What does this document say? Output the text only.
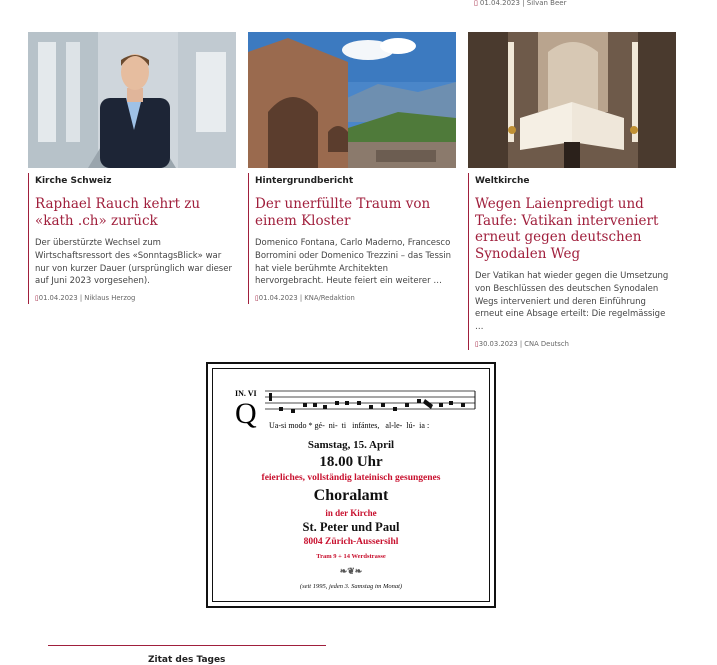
▯ 01.04.2023 | Silvan Beer
Kirche Schweiz
Raphael Rauch kehrt zu «kath .ch» zurück
Der überstürzte Wechsel zum Wirtschaftsressort des «SonntagsBlick» war nur von kurzer Dauer (ursprünglich war dieser auf Juni 2023 vorgesehen).
▯01.04.2023 | Niklaus Herzog
Hintergrundbericht
Der unerfüllte Traum von einem Kloster
Domenico Fontana, Carlo Maderno, Francesco Borromini oder Domenico Trezzini – das Tessin hat viele berühmte Architekten hervorgebracht. Heute feiert ein weiterer …
▯01.04.2023 | KNA/Redaktion
Weltkirche
Wegen Laienpredigt und Taufe: Vatikan interveniert erneut gegen deutschen Synodalen Weg
Der Vatikan hat wieder gegen die Umsetzung von Beschlüssen des deutschen Synodalen Wegs interveniert und deren Einführung erneut eine Absage erteilt: Die regelmässige …
▯30.03.2023 | CNA Deutsch
IN. VI
Q Ua-si modo * gé-  ni-  ti   infántes,   al-le-  lú-  ia :
Samstag, 15. April
18.00 Uhr
feierliches, vollständig lateinisch gesungenes
Choralamt
in der Kirche
St. Peter und Paul
8004 Zürich-Aussersihl
Tram 9 + 14 Werdstrasse
❧❦❧
(seit 1995, jeden 3. Samstag im Monat)
Zitat des Tages
